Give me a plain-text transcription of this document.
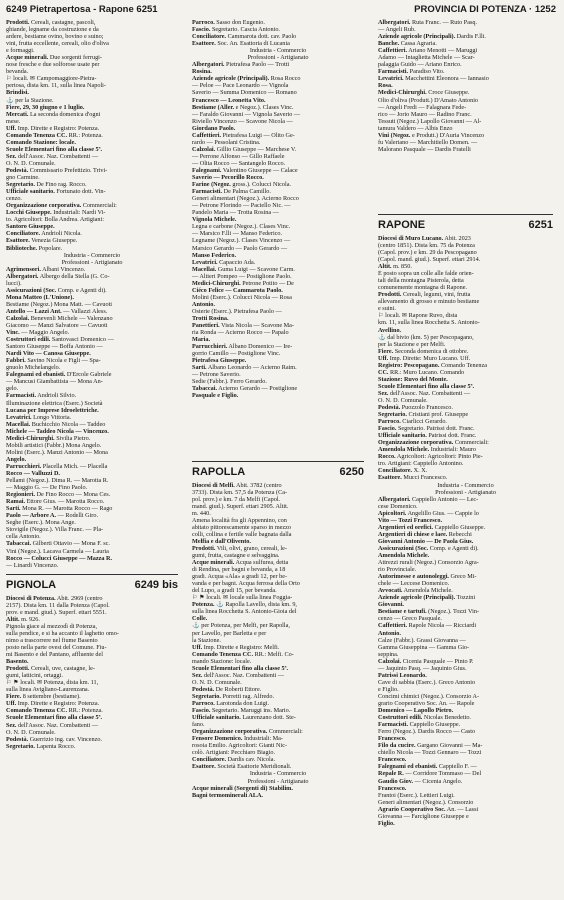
6249 Pietrapertosa - Rapone 6251	PROVINCIA DI POTENZA · 1252
Prodotti. Cereali, castagne, pascoli,
ghiande, legname da costruzione e da
ardere, bestiame ovino, bovino e suino;
vini, frutta eccellente, cereali, olio d'oliva
e formaggi.
Acque minerali. Due sorgenti ferrugi-
nose fresche e due solforose usate per
bevanda.
⚐ locali. ✉ Campomaggiore-Pietra-
pertosa, dista km. 11, sulla linea Napoli-
Brindisi.
⚓ per la Stazione.
Fiere, 29, 30 giugno e 1 luglio.
Mercati. La seconda domenica d'ogni
mese.
Uff. Imp. Dirette e Registro: Potenza.
Comando Tenenza CC. RR.: Potenza.
Comando Stazione: locale.
Scuole Elementari fino alla classe 5ª.
Sez. dell'Assoc. Naz. Combattenti —
O. N. D. Comunale.
Podestà. Commissario Prefettizio. Trivi-
gno Carmine.
Segretario. De Fino rag. Rocco.
Ufficiale sanitario. Fortunato dott. Vin-
cenzo.
Organizzazione corporativa. Commerciali:
Locchi Giuseppe. Industriali: Nardi Vi-
to. Agricoltori: Bolla Andrea. Artigiani:
Santoro Giuseppe.
Conciliatore. Andrioli Nicola.
Esattore. Venezia Giuseppe.
Biblioteche. Popolare.
Industria - Commercio
Professioni - Artigianato
Agrimensori. Albani Vincenzo.
Albergatori. Albergo della Stella (G. Co-
lucci).
Assicurazioni (Soc. Comp. e Agenti di).
Mona Matteo (L'Unione).
Bestiame (Negoz.) Mona Matt. — Cavuoti
Antello — Lazzi Ant. — Vallazzi Aless.
Calzolai. Benevenli Michele — Valenzano
Giacomo — Manzi Salvatore — Cavuoti
Vinc. — Maggio Angelo.
Costruttori edili. Santovasci Domenico —
Santoro Giuseppe — Boffa Antonio —
Nardi Vito — Canosa Giuseppe.
Fabbri. Savino Nicola e Figli — Spa-
gnuolo Michelangelo.
Falegnami ed ebanisti. D'Ercole Gabriele
— Mancusi Giambattista — Mona An-
gelo.
Farmacisti. Andrioli Silvio.
Illuminazione elettrica (Eserc.) Società
Lucana per Imprese Idroelettriche.
Levatrici. Longo Vittoria.
Macellai. Buchicchio Nicola — Taddeo
Michele — Taddeo Nicola — Vincenzo.
Medici-Chirurghi. Sivilia Pietro.
Mobili artistici (Fabbr.) Mona Angelo.
Molini (Eserc.). Manzi Antonio — Mona
Angelo.
Parrucchieri. Placella Mich. — Placella
Rocco — Valluzzi D.
Pellami (Negoz.). Dima R. — Marotta R.
— Maggio G. — De Fino Paolo.
Regionieri. De Fino Rocco — Mona Ces.
Ramai. Ettore Gius. — Marotta Rocco.
Sarti. Mona R. — Marotta Rocco — Rago
Paolo — Arbore A. — Rodelli Giro.
Seghe (Eserc.). Mona Ange.
Stovigile (Negoz.). Villa Franc. — Pla-
cella Antonio.
Tabaccai. Gilberti Ottavio — Mona F. sc.
Vini (Negoz.). Lacava Carmela — Lauria
Rocco — Colucci Giuseppe — Mazza R.
— Linardi Vincenzo.
PIGNOLA	6249 bis
Diocesi di Potenza. Abit. 2969 (centro
2157). Dista km. 11 dalla Potenza (Capol.
prov. e mand. giud.). Superf. ettari 5551.
Altit. m. 926.
Pignola giace al mezzodì di Potenza,
sulla pendice, e si ha accanto il laghetto omo-
nimo a trascorrere nel fiume Basento
posto nella parte ovest del Comune. Fiu-
mi Basento e del Pantano, affluente del
Basento.
Prodotti. Cereali, uve, castagne, le-
gumi, latticini, ortaggi.
⚐ ⚑ locali. ✉ Potenza, dista km. 11,
sulla linea Avigliano-Laurenzana.
Fiere. 8 settembre (bestiame).
Uff. Imp. Dirette e Registro: Potenza.
Comando Tenenza CC. RR.: Potenza.
Scuole Elementari fino alla classe 5ª.
Sez. dell'Assoc. Naz. Combattenti —
O. N. D. Comunale.
Podestà. Guerrizio ing. cav. Vincenzo.
Segretario. Lapenta Rocco.
Parroco. Sasso don Eugenio.
Fascio. Segretario. Cascia Antonio.
Conciliatore. Cammarota dott. cav. Paolo
Esattore. Soc. An. Esattoria di Lucania
Industria - Commercio
Professioni - Artigianato
Albergatori. Pietrafesa Paolo — Trotti
Rosina.
Aziende agricole (Principali). Rosa Rocco
— Peloe — Pace Leonardo — Vignola
Saverio — Summa Domenico — Romano
Francesco — Leonetta Vito.
Bestiame (Aller. e Negoz.). Clases Vinc.
— Faraldo Giovanni — Vignola Saverio —
Riviello Vincenzo — Scavone Nicola —
Giordano Paolo.
Caffettieri. Pietrafesa Luigi — Olito Ge-
rardo — Pessolani Cristina.
Calzolai. Gillio Giuseppe — Marchese V.
— Perrone Alfonso — Gillo Raffaele
— Olita Rocco — Santangelo Rocco.
Falegnami. Valentino Giuseppe — Calace
Saverio — Pecorillo Rocco.
Farine (Negoz. gross.). Colucci Nicola.
Farmacisti. De Palma Camillo.
Generi alimentari (Negoz.). Acierno Rocco
— Petrone Florindo — Paciello Nic. —
Pandelo Maria — Trotta Rosina —
Vignola Michele.
Legna e carbone (Negoz.). Clases Vinc.
— Marsico F.lli — Manso Federico.
Legname (Negoz.). Clases Vincenzo —
Marsico Gerardo — Paolo Gerardo —
Manso Federico.
Levatrici. Capaccio Ada.
Macellai. Guma Luigi — Scavone Carm.
— Altieri Pompeo — Postiglione Paolo.
Medici-Chirurghi. Petrone Potito — De
Ciéco Felice — Cammarota Paolo.
Molini (Eserc.). Colucci Nicola — Rosa
Antonio.
Osterie (Eserc.). Pietrafesa Paolo —
Trotti Rosina.
Panettieri. Vista Nicola — Scavone Ma-
ria Ronda — Acierno Rocco — Papalo
Maria.
Parrucchieri. Albano Domenico — Ire-
gorrio Camillo — Postiglione Vinc.
Pietrafesa Giuseppe.
Sarti. Albano Leonardo — Acierno Raim.
— Petrone Saverio.
Sedie (Fabbr.). Ferro Gerardo.
Tabaccai. Acierno Gerardo — Postiglione
Pasquale e Figlio.
RAPOLLA	6250
Diocesi di Melfi. Abit. 3782 (centro
3733). Dista km. 57,5 da Potenza (Ca-
pol. prov.) e km. 7 da Melfi (Capol.
mand. giud.). Superf. ettari 2905. Altit.
m. 440.
Amena località fra gli Appennino, con
abitato pittorescamente sparso in mezzo
colli, collina e fertile valle bagnata dalla
Melfia e dall'Olivento.
Prodotti. Vili, olivi, grano, cereali, le-
gumi, frutta, castagne e selvaggina.
Acque minerali. Acqua sulfurea, detta
di Rendina, per bagni e bevanda, a 18
gradi. Acqua «Ala» a gradi 12, per be-
vanda e per bagni. Acqua ferrosa della Orto
del Lupo, a gradi 15, per bevanda.
⚐ ⚑ locali. ✉ locale sulla linea Foggia-
Potenza. ⚓ Rapolla Lavello, dista km. 9,
sulla linea Rocchetta S. Antonio-Gioia del
Colle.
⚓ per Potenza, per Melfi, per Rapolla,
per Lavello, per Barletta e per
la Stazione.
Uff. Imp. Dirette e Registro: Melfi.
Comando Tenenza CC. RR.: Melfi. Co-
mando Stazione: locale.
Scuole Elementari fino alla classe 5ª.
Sez. dell'Assoc. Naz. Combattenti —
O. N. D. Comunale.
Podestà. De Roberti Ettore.
Segretario. Porretti rag. Alfredo.
Parroco. Larotonda don Luigi.
Fascio. Segretario. Maruggi ins. Mario.
Ufficiale sanitario. Laurenzano dott. Ste-
fano.
Organizzazione corporativa. Commerciali:
Fensore Domenico. Industriali: Ma-
rosoia Emilio. Agricoltori: Gianti Nic-
colò. Artigiani: Pecchiaro Biagio.
Conciliatore. Dardis cav. Nicola.
Esattore. Società Esattorie Meridionali.
Industria - Commercio
Professioni - Artigianato
Acque minerali (Sorgenti di) Stabilim.
Bagni termominerali ALA.
Albergatori. Ruta Franc. — Ruto Pasq.
— Angeli Rub.
Aziende agricole (Principali). Dardis F.lli.
Banche. Cassa Agraria.
Caffettieri. Ariano Menotti — Maruggi
Adamo — Intaglietta Michele — Scar-
palaggia Guido — Ariano Enrico.
Farmacisti. Paradiso Vito.
Levatrici. Macchettini Eleonora — Iannasio
Rosa.
Medici-Chirurghi. Croce Giuseppe.
Olio d'oliva (Produtt.) D'Amato Antonio
— Angeli Fredi — Falagnara Fede-
rico — Jorio Mauro — Radino Franc.
Tessuti (Negoz.) Lapollo Giovanni — Al-
tamura Valdero — Albis Enzo
Vini (Negoz. e Produtt.) D'Auria Vincenzo
fu Valeriano — Marchitiello Domen. —
Malorano Pasquale — Dardis Fratelli
RAPONE	6251
Diocesi di Muro Lucano. Abit. 2023
(centro 1851). Dista km. 75 da Potenza
(Capol. prov.) e km. 29 da Pescopagano
(Capol. mand. giud.). Superf. ettari 2914.
Altit. m. 850.
È posto sopra un colle alle falde orien-
tali della montagna Pisterola, detta
comunemente montagna di Rapone.
Prodotti. Cereali, legumi, vini, frutta
allevamento di grosso e minuto bestiame
e suini.
⚐ locali. ✉ Rapone Ruvo, dista
km. 11, sulla linea Rocchetta S. Antonio-
Avellino.
⚓ dal bivio (km. 5) per Pescopagano,
per la Stazione e per Melfi.
Fiere. Seconda domenica di ottobre.
Uff. Imp. Dirette: Muro Lucano. Uff.
Registro: Pescopagano. Comando Tenenza
CC. RR.: Muro Lucano. Comando
Stazione: Ruvo del Monte.
Scuole Elementari fino alla classe 5ª.
Sez. dell'Assoc. Naz. Combattenti —
O. N. D. Comunale.
Podestà. Puozzolo Francesco.
Segretario. Cristiani prof. Giuseppe
Parroco. Ciarlicci Gerardo.
Fascio. Segretario. Patrissi dott. Franc.
Ufficiale sanitario. Patrissi dott. Franc.
Organizzazione corporativa. Commerciali:
Amendola Michele. Industriali: Mauro
Rocco. Agricoltori: Agricoltori: Pinto Pie-
tro. Artigiani: Cappiello Antonino.
Conciliatore. X. X.
Esattore. Mucci Francesco.
Industria - Commercio
Professioni - Artigianato
Albergatori. Cappiello Antonio — Lec-
cese Domenico.
Apicoltori. Angelillo Gius. — Cappie lo
Vito — Tozzi Francesco.
Argentieri ed orefici. Cappiello Giuseppe.
Argentieri di chiese e laee. Rebecchi
Giovanni Antonio — De Paola Gius.
Assicurazioni (Soc. Comp. e Agenti di).
Amendola Michele.
Attrezzi rurali (Negoz.) Consorzio Agra-
rio Provinciale.
Autorimesse e autonoleggi. Greco Mi-
chele — Leccese Domenico.
Avvocati. Amendola Michele.
Aziende agricole (Principali). Tozzini
Giovanni.
Bestiame e tartufi. (Negoz.). Tozzi Vin-
cenzo — Greco Pasquale.
Caffettieri. Rapole Nicola — Ricciardi
Antonio.
Calze (Fabbr.). Grassi Giovanna —
Gamma Giuseppina — Gamma Gio-
seppina.
Calzolai. Cicenia Pasquale — Pinto P.
— Jaquinto Pasq. — Jaquinto Gius.
Patrissi Leonardo.
Cave di sabbia (Eserc.). Greco Antonio
e Figlio.
Concimi chimici (Negoz.). Consorzio A-
grario Cooperativo Soc. An. — Rapole
Domenico — Lapollo Pietro.
Costruttori edili. Nicolas Benedetto.
Farmacisti. Cappiello Giuseppe.
Ferro (Negoz.). Dardis Rocco — Casto
Francesco.
Filo da cucire. Gargano Giovanni — Ma-
chiello Nicola — Tozzi Gennaro — Tozzi
Francesco.
Falegnami ed ebanisti. Cappiello F. —
Repale R. — Corridore Tommaso — Del
Gaudio Giov. — Cicenia Angelo.
Francesco.
Frantoi (Eserc.). Lettieri Luigi.
Generi alimentari (Negoz.). Consorzio
Agrario Cooperativo Soc. An. — Lassi
Giovanna — Farciglione Giuseppe e
Figlio.
